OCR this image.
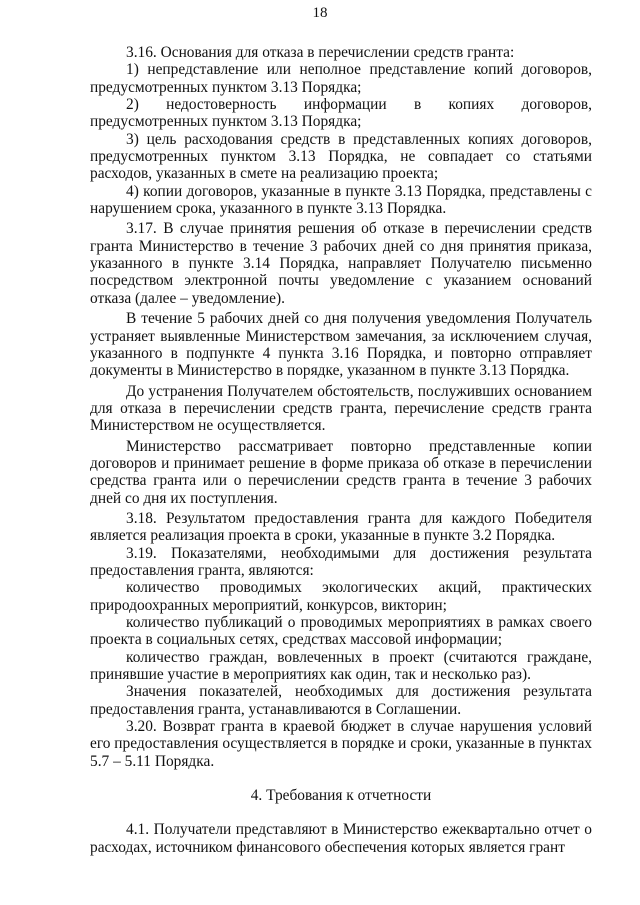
18

3.16. Основания для отказа в перечислении средств гранта:

1) непредставление или неполное представление копий договоров, предусмотренных пунктом 3.13 Порядка;

2) недостоверность информации в копиях договоров, предусмотренных пунктом 3.13 Порядка;

3) цель расходования средств в представленных копиях договоров, предусмотренных пунктом 3.13 Порядка, не совпадает со статьями расходов, указанных в смете на реализацию проекта;

4) копии договоров, указанные в пункте 3.13 Порядка, представлены с нарушением срока, указанного в пункте 3.13 Порядка.

3.17. В случае принятия решения об отказе в перечислении средств гранта Министерство в течение 3 рабочих дней со дня принятия приказа, указанного в пункте 3.14 Порядка, направляет Получателю письменно посредством электронной почты уведомление с указанием оснований отказа (далее – уведомление).

В течение 5 рабочих дней со дня получения уведомления Получатель устраняет выявленные Министерством замечания, за исключением случая, указанного в подпункте 4 пункта 3.16 Порядка, и повторно отправляет документы в Министерство в порядке, указанном в пункте 3.13 Порядка.

До устранения Получателем обстоятельств, послуживших основанием для отказа в перечислении средств гранта, перечисление средств гранта Министерством не осуществляется.

Министерство рассматривает повторно представленные копии договоров и принимает решение в форме приказа об отказе в перечислении средства гранта или о перечислении средств гранта в течение 3 рабочих дней со дня их поступления.

3.18. Результатом предоставления гранта для каждого Победителя является реализация проекта в сроки, указанные в пункте 3.2 Порядка.

3.19. Показателями, необходимыми для достижения результата предоставления гранта, являются:

количество проводимых экологических акций, практических природоохранных мероприятий, конкурсов, викторин;

количество публикаций о проводимых мероприятиях в рамках своего проекта в социальных сетях, средствах массовой информации;

количество граждан, вовлеченных в проект (считаются граждане, принявшие участие в мероприятиях как один, так и несколько раз).

Значения показателей, необходимых для достижения результата предоставления гранта, устанавливаются в Соглашении.

3.20. Возврат гранта в краевой бюджет в случае нарушения условий его предоставления осуществляется в порядке и сроки, указанные в пунктах 5.7 – 5.11 Порядка.

4. Требования к отчетности

4.1. Получатели представляют в Министерство ежеквартально отчет о расходах, источником финансового обеспечения которых является грант
